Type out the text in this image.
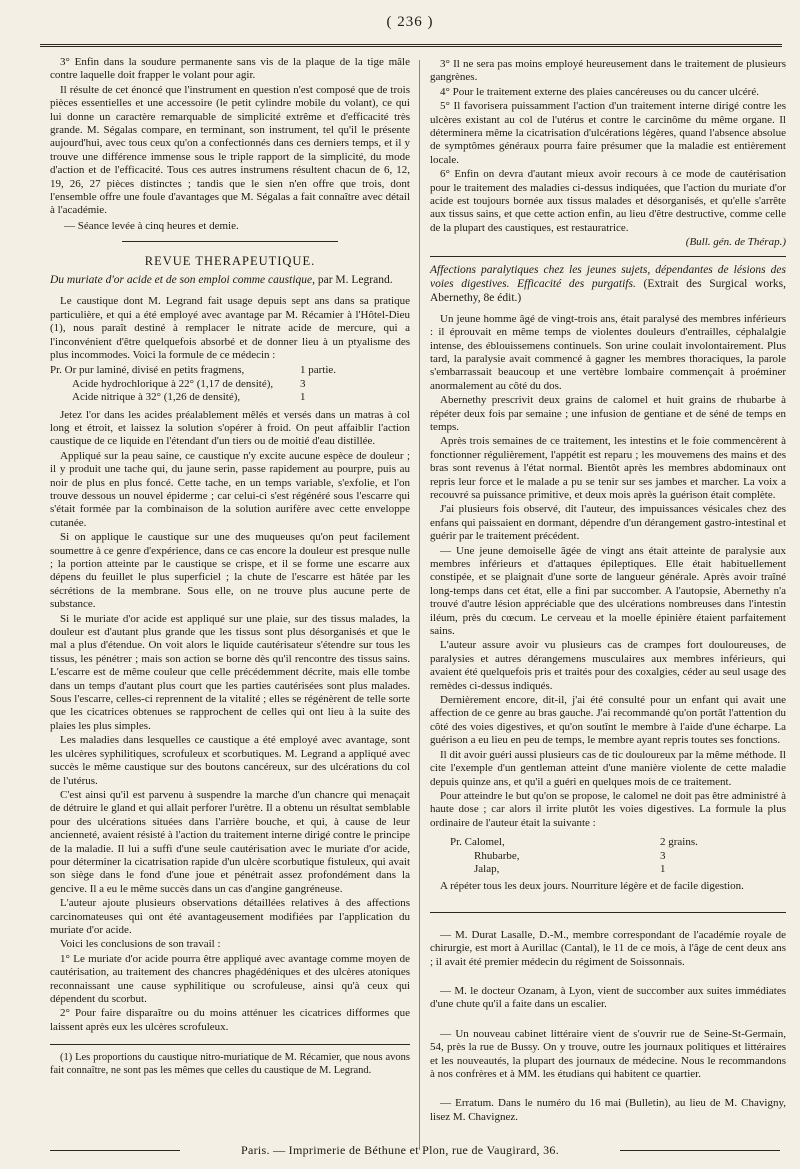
( 236 )

3° Enfin dans la soudure permanente sans vis de la plaque de la tige mâle contre laquelle doit frapper le volant pour agir.

Il résulte de cet énoncé que l'instrument en question n'est composé que de trois pièces essentielles et une accessoire (le petit cylindre mobile du volant), ce qui lui donne un caractère remarquable de simplicité extrême et d'efficacité très grande. M. Ségalas compare, en terminant, son instrument, tel qu'il le présente aujourd'hui, avec tous ceux qu'on a confectionnés dans ces derniers temps, et il y trouve une différence immense sous le triple rapport de la simplicité, du mode d'action et de l'efficacité. Tous ces autres instrumens résultent chacun de 6, 12, 19, 26, 27 pièces distinctes ; tandis que le sien n'en offre que trois, dont l'ensemble offre une foule d'avantages que M. Ségalas a fait connaître avec détail à l'académie.

— Séance levée à cinq heures et demie.

REVUE THERAPEUTIQUE.

Du muriate d'or acide et de son emploi comme caustique, par M. Legrand.

Le caustique dont M. Legrand fait usage depuis sept ans dans sa pratique particulière, et qui a été employé avec avantage par M. Récamier à l'Hôtel-Dieu (1), nous paraît destiné à remplacer le nitrate acide de mercure, qui a l'inconvénient d'être quelquefois absorbé et de donner lieu à un ptyalisme des plus incommodes. Voici la formule de ce médecin :

Pr. Or pur laminé, divisé en petits fragmens,	1 partie.
Acide hydrochlorique à 22° (1,17 de densité),	3
Acide nitrique à 32° (1,26 de densité),	1

Jetez l'or dans les acides préalablement mêlés et versés dans un matras à col long et étroit, et laissez la solution s'opérer à froid. On peut affaiblir l'action caustique de ce liquide en l'étendant d'un tiers ou de moitié d'eau distillée.

Appliqué sur la peau saine, ce caustique n'y excite aucune espèce de douleur ; il y produit une tache qui, du jaune serin, passe rapidement au pourpre, puis au noir de plus en plus foncé. Cette tache, en un temps variable, s'exfolie, et l'on trouve dessous un nouvel épiderme ; car celui-ci s'est régénéré sous l'escarre qui s'était formée par la combinaison de la solution aurifère avec cette enveloppe cutanée.

Si on applique le caustique sur une des muqueuses qu'on peut facilement soumettre à ce genre d'expérience, dans ce cas encore la douleur est presque nulle ; la portion atteinte par le caustique se crispe, et il se forme une escarre aux dépens du feuillet le plus superficiel ; la chute de l'escarre est hâtée par les sécrétions de la membrane. Sous elle, on ne trouve plus aucune perte de substance.

Si le muriate d'or acide est appliqué sur une plaie, sur des tissus malades, la douleur est d'autant plus grande que les tissus sont plus désorganisés et que le mal a plus d'étendue. On voit alors le liquide cautérisateur s'étendre sur tous les tissus, les pénétrer ; mais son action se borne dès qu'il rencontre des tissus sains. L'escarre est de même couleur que celle précédemment décrite, mais elle tombe dans un temps d'autant plus court que les parties cautérisées sont plus malades. Sous l'escarre, celles-ci reprennent de la vitalité ; elles se régénèrent de telle sorte que les cicatrices obtenues se rapprochent de celles qui ont lieu à la suite des plaies les plus simples.

Les maladies dans lesquelles ce caustique a été employé avec avantage, sont les ulcères syphilitiques, scrofuleux et scorbutiques. M. Legrand a appliqué avec succès le même caustique sur des boutons cancéreux, sur des ulcérations du col de l'utérus.

C'est ainsi qu'il est parvenu à suspendre la marche d'un chancre qui menaçait de détruire le gland et qui allait perforer l'urètre. Il a obtenu un résultat semblable pour des ulcérations situées dans l'arrière bouche, et qui, à cause de leur ancienneté, avaient résisté à l'action du traitement interne dirigé contre le principe de la maladie. Il lui a suffi d'une seule cautérisation avec le muriate d'or acide, pour déterminer la cicatrisation rapide d'un ulcère scorbutique fistuleux, qui avait son siège dans le fond d'une joue et pénétrait assez profondément dans la gencive. Il a eu le même succès dans un cas d'angine gangréneuse.

L'auteur ajoute plusieurs observations détaillées relatives à des affections carcinomateuses qui ont été avantageusement modifiées par l'application du muriate d'or acide.

Voici les conclusions de son travail :

1° Le muriate d'or acide pourra être appliqué avec avantage comme moyen de cautérisation, au traitement des chancres phagédéniques et des ulcères atoniques reconnaissant une cause syphilitique ou scrofuleuse, ainsi qu'à ceux qui dépendent du scorbut.

2° Pour faire disparaître ou du moins atténuer les cicatrices difformes que laissent après eux les ulcères scrofuleux.

(1) Les proportions du caustique nitro-muriatique de M. Récamier, que nous avons fait connaître, ne sont pas les mêmes que celles du caustique de M. Legrand.

3° Il ne sera pas moins employé heureusement dans le traitement de plusieurs gangrènes.

4° Pour le traitement externe des plaies cancéreuses ou du cancer ulcéré.

5° Il favorisera puissamment l'action d'un traitement interne dirigé contre les ulcères existant au col de l'utérus et contre le carcinôme du même organe. Il déterminera même la cicatrisation d'ulcérations légères, quand l'absence absolue de symptômes généraux pourra faire présumer que la maladie est entièrement locale.

6° Enfin on devra d'autant mieux avoir recours à ce mode de cautérisation pour le traitement des maladies ci-dessus indiquées, que l'action du muriate d'or acide est toujours bornée aux tissus malades et désorganisés, et qu'elle s'arrête aux tissus sains, et que cette action enfin, au lieu d'être destructive, comme celle de la plupart des caustiques, est restauratrice.

(Bull. gén. de Thérap.)

Affections paralytiques chez les jeunes sujets, dépendantes de lésions des voies digestives. Efficacité des purgatifs. (Extrait des Surgical works, Abernethy, 8e édit.)

Un jeune homme âgé de vingt-trois ans, était paralysé des membres inférieurs : il éprouvait en même temps de violentes douleurs d'entrailles, céphalalgie intense, des éblouissemens continuels. Son urine coulait involontairement. Plus tard, la paralysie avait commencé à gagner les membres thoraciques, la parole s'embarrassait beaucoup et une vertèbre lombaire commençait à proéminer anormalement au côté du dos.

Abernethy prescrivit deux grains de calomel et huit grains de rhubarbe à répéter deux fois par semaine ; une infusion de gentiane et de séné de temps en temps.

Après trois semaines de ce traitement, les intestins et le foie commencèrent à fonctionner régulièrement, l'appétit est reparu ; les mouvemens des mains et des bras sont revenus à l'état normal. Bientôt après les membres abdominaux ont repris leur force et le malade a pu se tenir sur ses jambes et marcher. La voix a recouvré sa puissance primitive, et deux mois après la guérison était complète.

J'ai plusieurs fois observé, dit l'auteur, des impuissances vésicales chez des enfans qui paissaient en dormant, dépendre d'un dérangement gastro-intestinal et guérir par le traitement précédent.

— Une jeune demoiselle âgée de vingt ans était atteinte de paralysie aux membres inférieurs et d'attaques épileptiques. Elle était habituellement constipée, et se plaignait d'une sorte de langueur générale. Après avoir traîné long-temps dans cet état, elle a fini par succomber. A l'autopsie, Abernethy n'a trouvé d'autre lésion appréciable que des ulcérations nombreuses dans l'intestin iléum, près du cœcum. Le cerveau et la moelle épinière étaient parfaitement sains.

L'auteur assure avoir vu plusieurs cas de crampes fort douloureuses, de paralysies et autres dérangemens musculaires aux membres inférieurs, qui avaient été quelquefois pris et traités pour des coxalgies, céder au seul usage des remèdes ci-dessus indiqués.

Dernièrement encore, dit-il, j'ai été consulté pour un enfant qui avait une affection de ce genre au bras gauche. J'ai recommandé qu'on portât l'attention du côté des voies digestives, et qu'on soutînt le membre à l'aide d'une écharpe. La guérison a eu lieu en peu de temps, le membre ayant repris toutes ses fonctions.

Il dit avoir guéri aussi plusieurs cas de tic douloureux par la même méthode. Il cite l'exemple d'un gentleman atteint d'une manière violente de cette maladie depuis quinze ans, et qu'il a guéri en quelques mois de ce traitement.

Pour atteindre le but qu'on se propose, le calomel ne doit pas être administré à haute dose ; car alors il irrite plutôt les voies digestives. La formule la plus ordinaire de l'auteur était la suivante :

Pr. Calomel,	2 grains.
Rhubarbe,	3
Jalap,	1

A répéter tous les deux jours. Nourriture légère et de facile digestion.

— M. Durat Lasalle, D.-M., membre correspondant de l'académie royale de chirurgie, est mort à Aurillac (Cantal), le 11 de ce mois, à l'âge de cent deux ans ; il avait été premier médecin du régiment de Soissonnais.

— M. le docteur Ozanam, à Lyon, vient de succomber aux suites immédiates d'une chute qu'il a faite dans un escalier.

— Un nouveau cabinet littéraire vient de s'ouvrir rue de Seine-St-Germain, 54, près la rue de Bussy. On y trouve, outre les journaux politiques et littéraires et les nouveautés, la plupart des journaux de médecine. Nous le recommandons à nos confrères et à MM. les étudians qui habitent ce quartier.

— Erratum. Dans le numéro du 16 mai (Bulletin), au lieu de M. Chavigny, lisez M. Chavignez.

Paris. — Imprimerie de Béthune et Plon, rue de Vaugirard, 36.
